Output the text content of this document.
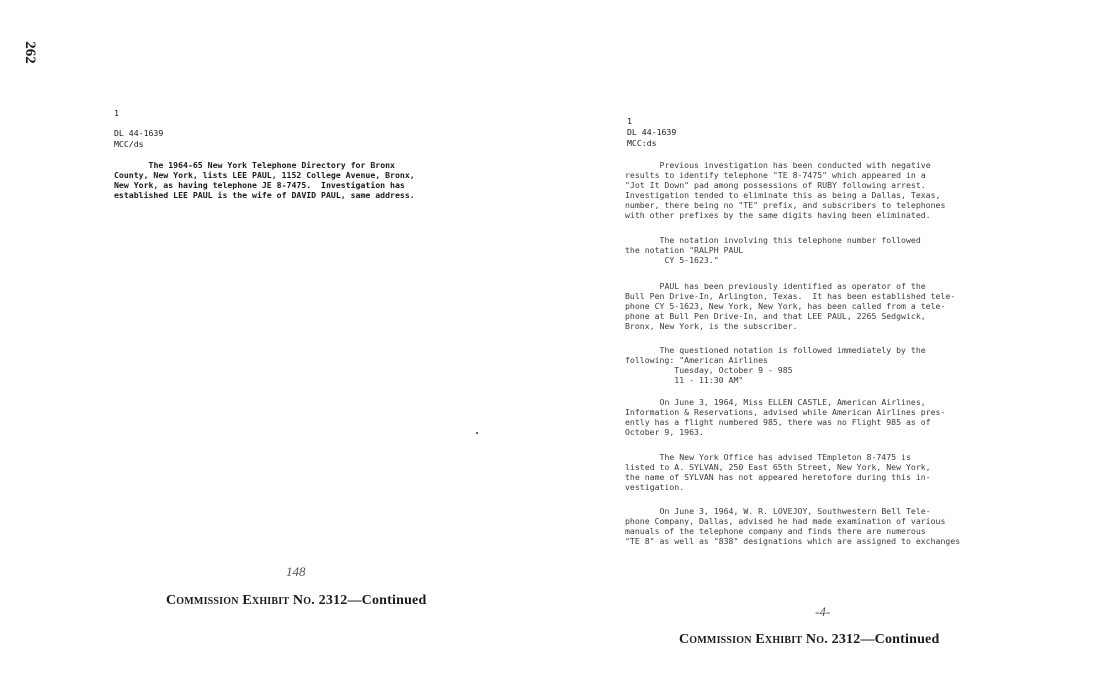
262
1
DL 44-1639
MCC/ds

The 1964-65 New York Telephone Directory for Bronx
County, New York, lists LEE PAUL, 1152 College Avenue, Bronx,
New York, as having telephone JE 8-7475.  Investigation has
established LEE PAUL is the wife of DAVID PAUL, same address.

148
Commission Exhibit No. 2312—Continued
1
DL 44-1639
MCC:ds

Previous investigation has been conducted with negative
results to identify telephone "TE 8-7475" which appeared in a
"Jot It Down" pad among possessions of RUBY following arrest.
Investigation tended to eliminate this as being a Dallas, Texas,
number, there being no "TE" prefix, and subscribers to telephones
with other prefixes by the same digits having been eliminated.

The notation involving this telephone number followed
the notation "RALPH PAUL
CY 5-1623."

PAUL has been previously identified as operator of the
Bull Pen Drive-In, Arlington, Texas.  It has been established tele-
phone CY 5-1623, New York, New York, has been called from a tele-
phone at Bull Pen Drive-In, and that LEE PAUL, 2265 Sedgwick,
Bronx, New York, is the subscriber.

The questioned notation is followed immediately by the
following: "American Airlines
Tuesday, October 9 - 985
11 - 11:30 AM"

On June 3, 1964, Miss ELLEN CASTLE, American Airlines,
Information & Reservations, advised while American Airlines pres-
ently has a flight numbered 985, there was no Flight 985 as of
October 9, 1963.

The New York Office has advised TEmpleton 8-7475 is
listed to A. SYLVAN, 250 East 65th Street, New York, New York,
the name of SYLVAN has not appeared heretofore during this in-
vestigation.

On June 3, 1964, W. R. LOVEJOY, Southwestern Bell Tele-
phone Company, Dallas, advised he had made examination of various
manuals of the telephone company and finds there are numerous
"TE 8" as well as "838" designations which are assigned to exchanges

-4-
Commission Exhibit No. 2312—Continued
